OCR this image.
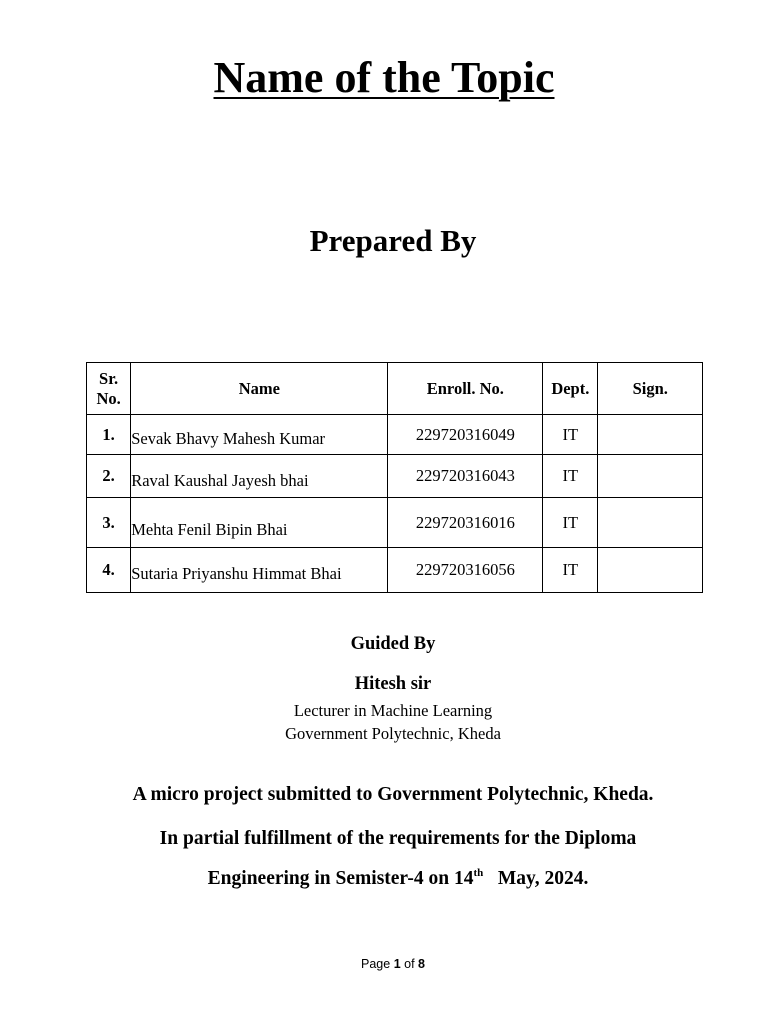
Name of the Topic
Prepared By
Sr.
No.	Name	Enroll. No.	Dept.	Sign.
1.	Sevak Bhavy Mahesh Kumar	229720316049	IT	
2.	Raval Kaushal Jayesh bhai	229720316043	IT	
3.	Mehta Fenil Bipin Bhai	229720316016	IT	
4.	Sutaria Priyanshu Himmat Bhai	229720316056	IT	
Guided By
Hitesh sir
Lecturer in Machine Learning
Government Polytechnic, Kheda
A micro project submitted to Government Polytechnic, Kheda.
In partial fulfillment of the requirements for the Diploma
Engineering in Semister-4 on 14th May, 2024.
Page 1 of 8
